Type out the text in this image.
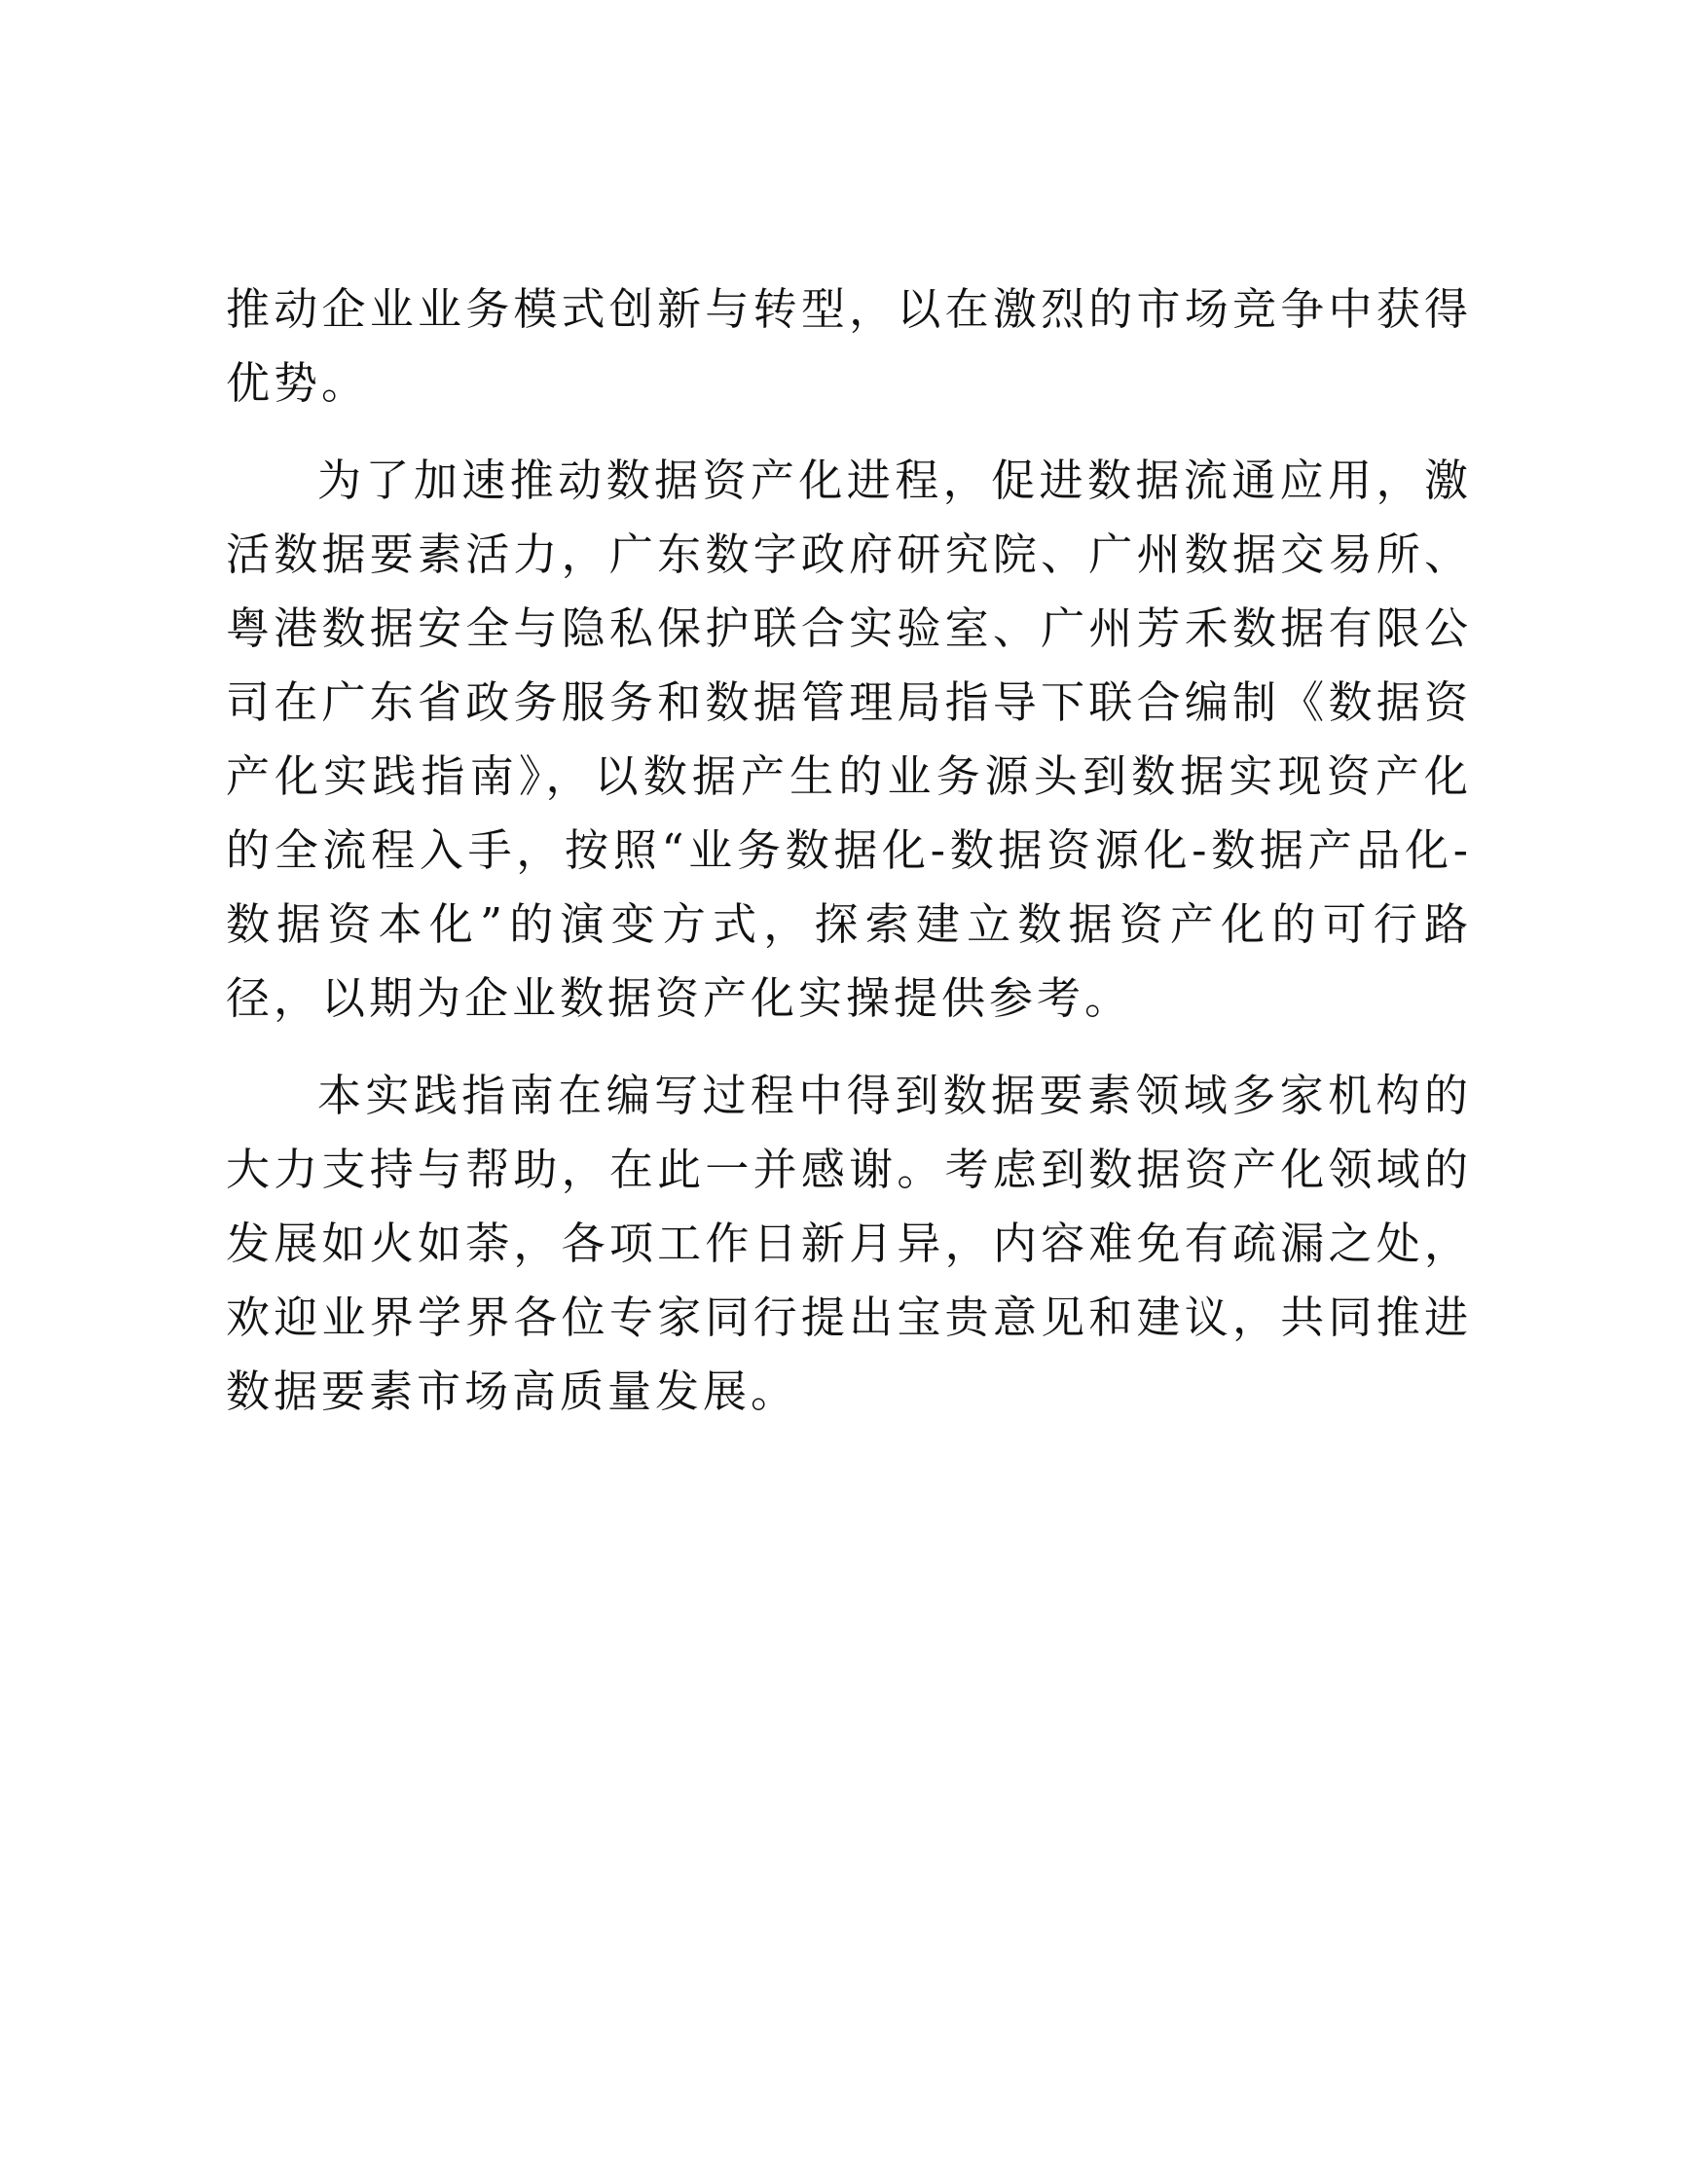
推动企业业务模式创新与转型，以在激烈的市场竞争中获得优势。

为了加速推动数据资产化进程，促进数据流通应用，激活数据要素活力，广东数字政府研究院、广州数据交易所、粤港数据安全与隐私保护联合实验室、广州芳禾数据有限公司在广东省政务服务和数据管理局指导下联合编制《数据资产化实践指南》，以数据产生的业务源头到数据实现资产化的全流程入手，按照“业务数据化-数据资源化-数据产品化-数据资本化”的演变方式，探索建立数据资产化的可行路径，以期为企业数据资产化实操提供参考。

本实践指南在编写过程中得到数据要素领域多家机构的大力支持与帮助，在此一并感谢。考虑到数据资产化领域的发展如火如荼，各项工作日新月异，内容难免有疏漏之处，欢迎业界学界各位专家同行提出宝贵意见和建议，共同推进数据要素市场高质量发展。
